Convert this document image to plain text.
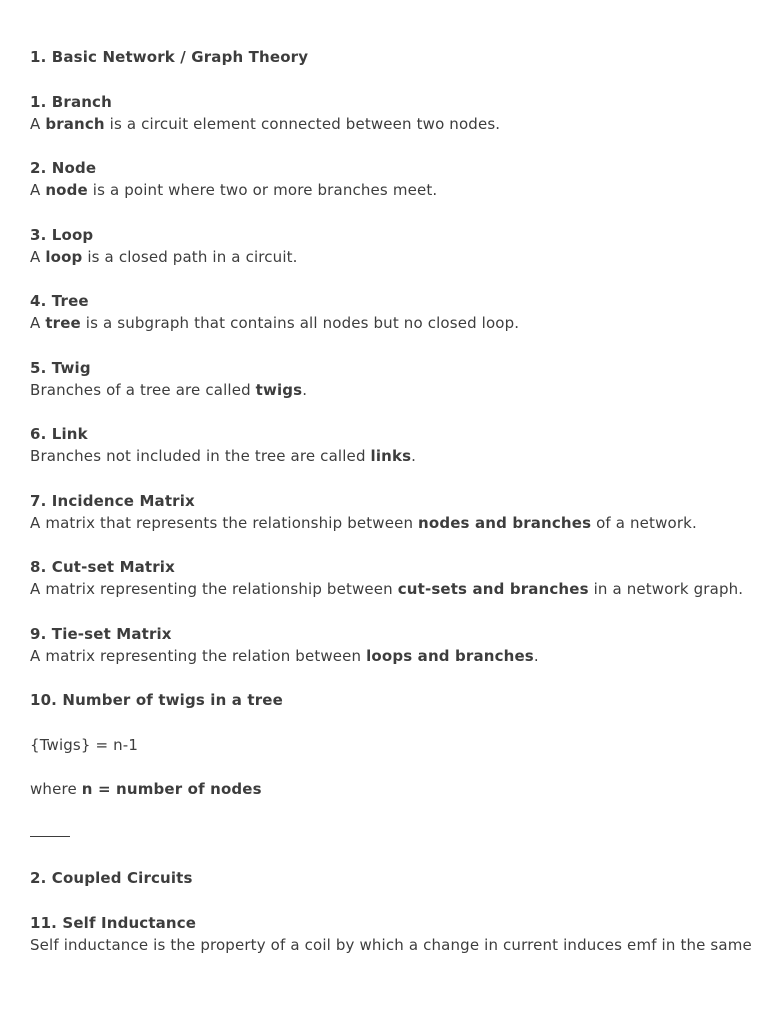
1. Basic Network / Graph Theory
1. Branch
A branch is a circuit element connected between two nodes.
2. Node
A node is a point where two or more branches meet.
3. Loop
A loop is a closed path in a circuit.
4. Tree
A tree is a subgraph that contains all nodes but no closed loop.
5. Twig
Branches of a tree are called twigs.
6. Link
Branches not included in the tree are called links.
7. Incidence Matrix
A matrix that represents the relationship between nodes and branches of a network.
8. Cut-set Matrix
A matrix representing the relationship between cut-sets and branches in a network graph.
9. Tie-set Matrix
A matrix representing the relation between loops and branches.
10. Number of twigs in a tree
{Twigs} = n-1
where n = number of nodes
2. Coupled Circuits
11. Self Inductance
Self inductance is the property of a coil by which a change in current induces emf in the same
